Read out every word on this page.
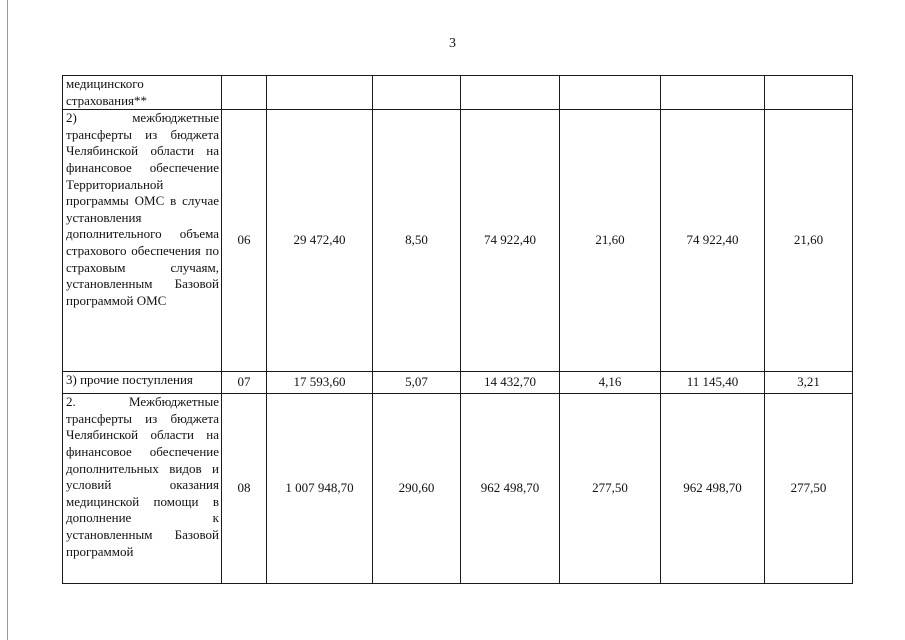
3
медицинского страхования**							
2) межбюджетные трансферты из бюджета Челябинской области на финансовое обеспечение Территориальной программы ОМС в случае установления дополнительного объема страхового обеспечения по страховым случаям, установленным Базовой программой ОМС	06	29 472,40	8,50	74 922,40	21,60	74 922,40	21,60
3) прочие поступления	07	17 593,60	5,07	14 432,70	4,16	11 145,40	3,21

2. Межбюджетные трансферты из бюджета Челябинской области на финансовое обеспечение дополнительных видов и условий оказания медицинской помощи в дополнение к установленным Базовой программой	08	1 007 948,70	290,60	962 498,70	277,50	962 498,70	277,50
